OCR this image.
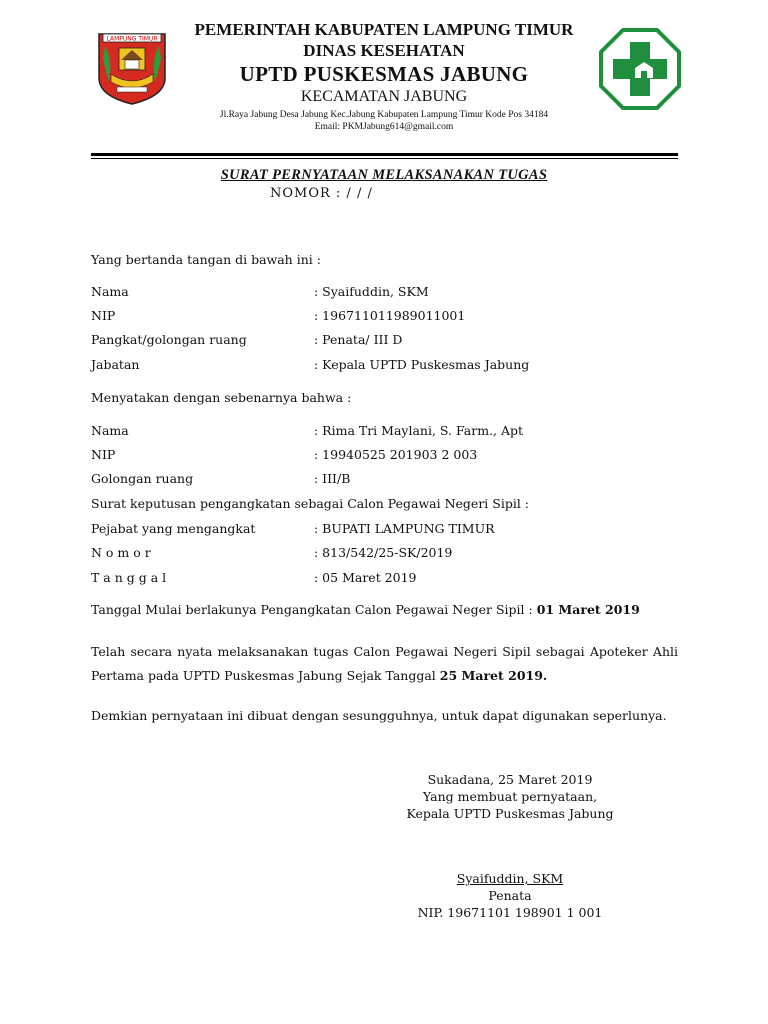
LAMPUNG TIMUR	PEMERINTAH KABUPATEN LAMPUNG TIMUR
DINAS KESEHATAN
UPTD PUSKESMAS JABUNG
KECAMATAN JABUNG
Jl.Raya Jabung Desa Jabung Kec.Jabung Kabupaten Lampung Timur Kode Pos 34184
Email: PKMJabung614@gmail.com
SURAT PERNYATAAN MELAKSANAKAN TUGAS
NOMOR : / / /
Yang bertanda tangan di bawah ini :
Nama	: Syaifuddin, SKM
NIP	: 196711011989011001
Pangkat/golongan ruang	: Penata/ III D
Jabatan	: Kepala UPTD Puskesmas Jabung
Menyatakan dengan sebenarnya bahwa :
Nama	: Rima Tri Maylani, S. Farm., Apt
NIP	: 19940525 201903 2 003
Golongan ruang	: III/B
Surat keputusan pengangkatan sebagai Calon Pegawai Negeri Sipil :
Pejabat yang mengangkat	: BUPATI LAMPUNG TIMUR
N o m o r	: 813/542/25-SK/2019
T a n g g a l	: 05 Maret 2019
Tanggal Mulai berlakunya Pengangkatan Calon Pegawai Neger Sipil : 01 Maret 2019
Telah secara nyata melaksanakan tugas Calon Pegawai Negeri Sipil sebagai Apoteker Ahli Pertama pada UPTD Puskesmas Jabung Sejak Tanggal 25 Maret 2019.
Demkian pernyataan ini dibuat dengan sesungguhnya, untuk dapat digunakan seperlunya.
Sukadana, 25 Maret 2019
Yang membuat pernyataan,
Kepala UPTD Puskesmas Jabung
Syaifuddin, SKM
Penata
NIP. 19671101 198901 1 001
